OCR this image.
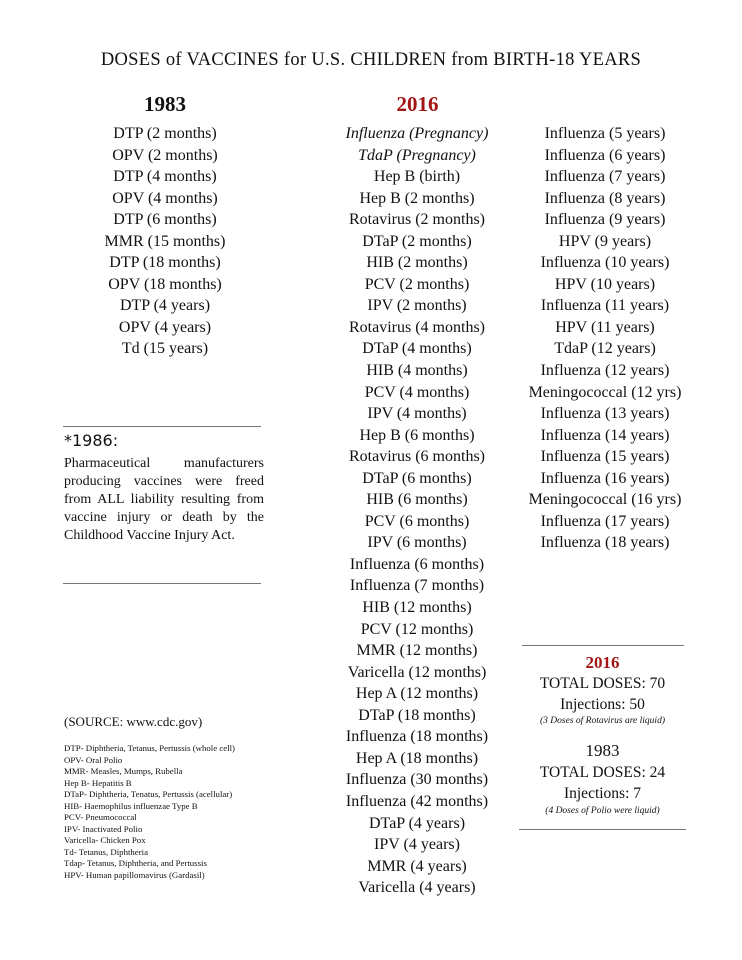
DOSES of VACCINES for U.S. CHILDREN from BIRTH-18 YEARS
1983	2016
DTP (2 months)
OPV (2 months)
DTP (4 months)
OPV (4 months)
DTP (6 months)
MMR (15 months)
DTP (18 months)
OPV (18 months)
DTP (4 years)
OPV (4 years)
Td (15 years)
Influenza (Pregnancy)
TdaP (Pregnancy)
Hep B (birth)
Hep B (2 months)
Rotavirus (2 months)
DTaP (2 months)
HIB (2 months)
PCV (2 months)
IPV (2 months)
Rotavirus (4 months)
DTaP (4 months)
HIB (4 months)
PCV (4 months)
IPV (4 months)
Hep B (6 months)
Rotavirus (6 months)
DTaP (6 months)
HIB (6 months)
PCV (6 months)
IPV (6 months)
Influenza (6 months)
Influenza (7 months)
HIB (12 months)
PCV (12 months)
MMR (12 months)
Varicella (12 months)
Hep A (12 months)
DTaP (18 months)
Influenza (18 months)
Hep A (18 months)
Influenza (30 months)
Influenza (42 months)
DTaP (4 years)
IPV (4 years)
MMR (4 years)
Varicella (4 years)
Influenza (5 years)
Influenza (6 years)
Influenza (7 years)
Influenza (8 years)
Influenza (9 years)
HPV (9 years)
Influenza (10 years)
HPV (10 years)
Influenza (11 years)
HPV (11 years)
TdaP (12 years)
Influenza (12 years)
Meningococcal (12 yrs)
Influenza (13 years)
Influenza (14 years)
Influenza (15 years)
Influenza (16 years)
Meningococcal (16 yrs)
Influenza (17 years)
Influenza (18 years)
*1986:
Pharmaceutical manufacturers producing vaccines were freed from ALL liability resulting from vaccine injury or death by the Childhood Vaccine Injury Act.
(SOURCE: www.cdc.gov)
DTP- Diphtheria, Tetanus, Pertussis (whole cell)
OPV- Oral Polio
MMR- Measles, Mumps, Rubella
Hep B- Hepatitis B
DTaP- Diphtheria, Tenatus, Pertussis (acellular)
HIB- Haemophilus influenzae Type B
PCV- Pneumococcal
IPV- Inactivated Polio
Varicella- Chicken Pox
Td- Tetanus, Diphtheria
Tdap- Tetanus, Diphtheria, and Pertussis
HPV- Human papillomavirus (Gardasil)
2016
TOTAL DOSES: 70
Injections: 50
(3 Doses of Rotavirus are liquid)
1983
TOTAL DOSES: 24
Injections: 7
(4 Doses of Polio were liquid)
